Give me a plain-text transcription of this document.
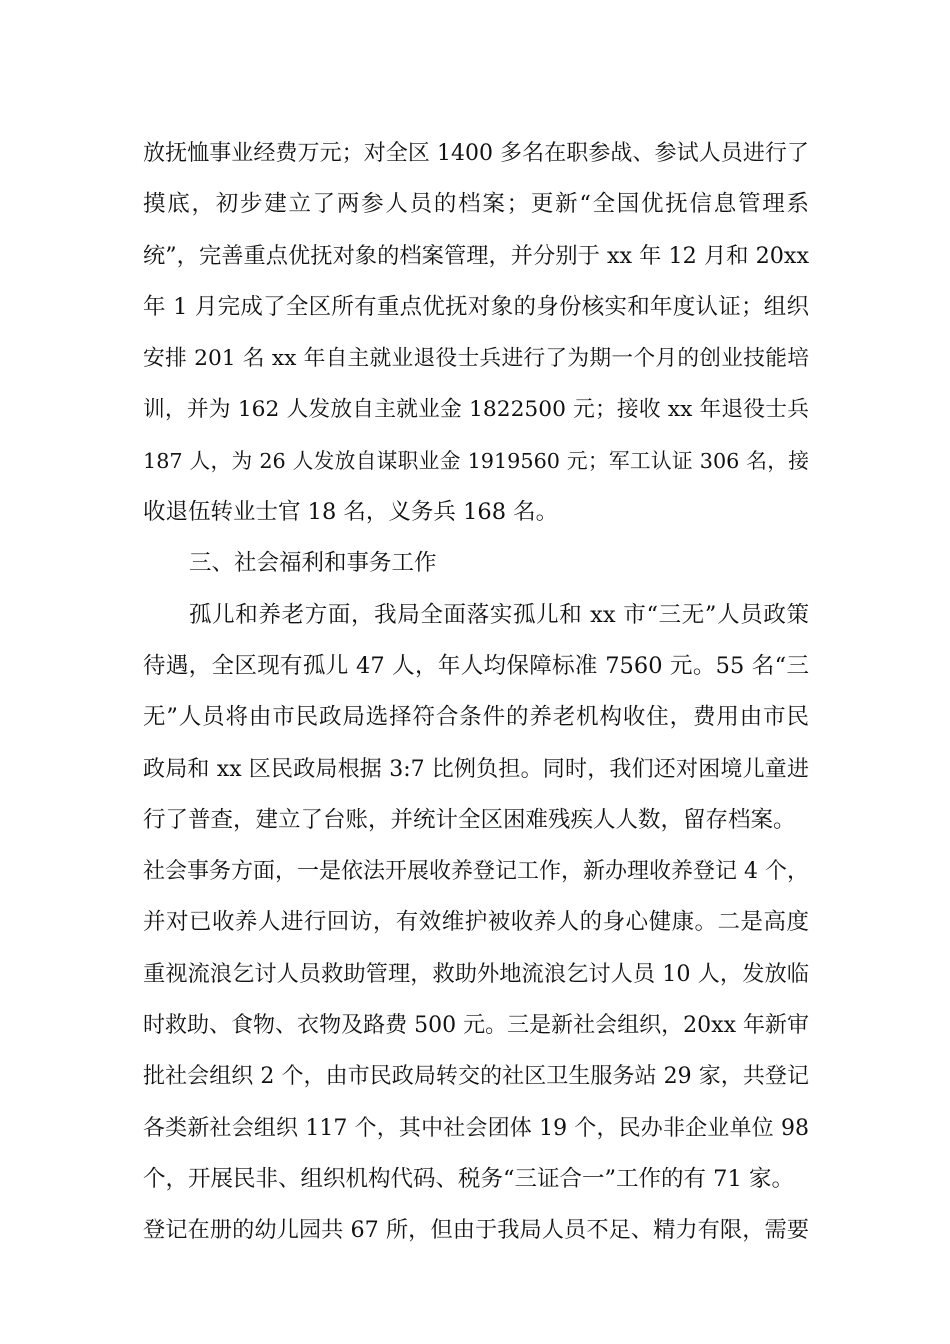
放抚恤事业经费万元；对全区 1400 多名在职参战、参试人员进行了
摸底，初步建立了两参人员的档案；更新“全国优抚信息管理系
统”，完善重点优抚对象的档案管理，并分别于 xx 年 12 月和 20xx
年 1 月完成了全区所有重点优抚对象的身份核实和年度认证；组织
安排 201 名 xx 年自主就业退役士兵进行了为期一个月的创业技能培
训，并为 162 人发放自主就业金 1822500 元；接收 xx 年退役士兵
187 人，为 26 人发放自谋职业金 1919560 元；军工认证 306 名，接
收退伍转业士官 18 名，义务兵 168 名。
三、社会福利和事务工作
孤儿和养老方面，我局全面落实孤儿和 xx 市“三无”人员政策
待遇，全区现有孤儿 47 人，年人均保障标准 7560 元。55 名“三
无”人员将由市民政局选择符合条件的养老机构收住，费用由市民
政局和 xx 区民政局根据 3:7 比例负担。同时，我们还对困境儿童进
行了普查，建立了台账，并统计全区困难残疾人人数，留存档案。
社会事务方面，一是依法开展收养登记工作，新办理收养登记 4 个，
并对已收养人进行回访，有效维护被收养人的身心健康。二是高度
重视流浪乞讨人员救助管理，救助外地流浪乞讨人员 10 人，发放临
时救助、食物、衣物及路费 500 元。三是新社会组织，20xx 年新审
批社会组织 2 个，由市民政局转交的社区卫生服务站 29 家，共登记
各类新社会组织 117 个，其中社会团体 19 个，民办非企业单位 98
个，开展民非、组织机构代码、税务“三证合一”工作的有 71 家。
登记在册的幼儿园共 67 所，但由于我局人员不足、精力有限，需要
